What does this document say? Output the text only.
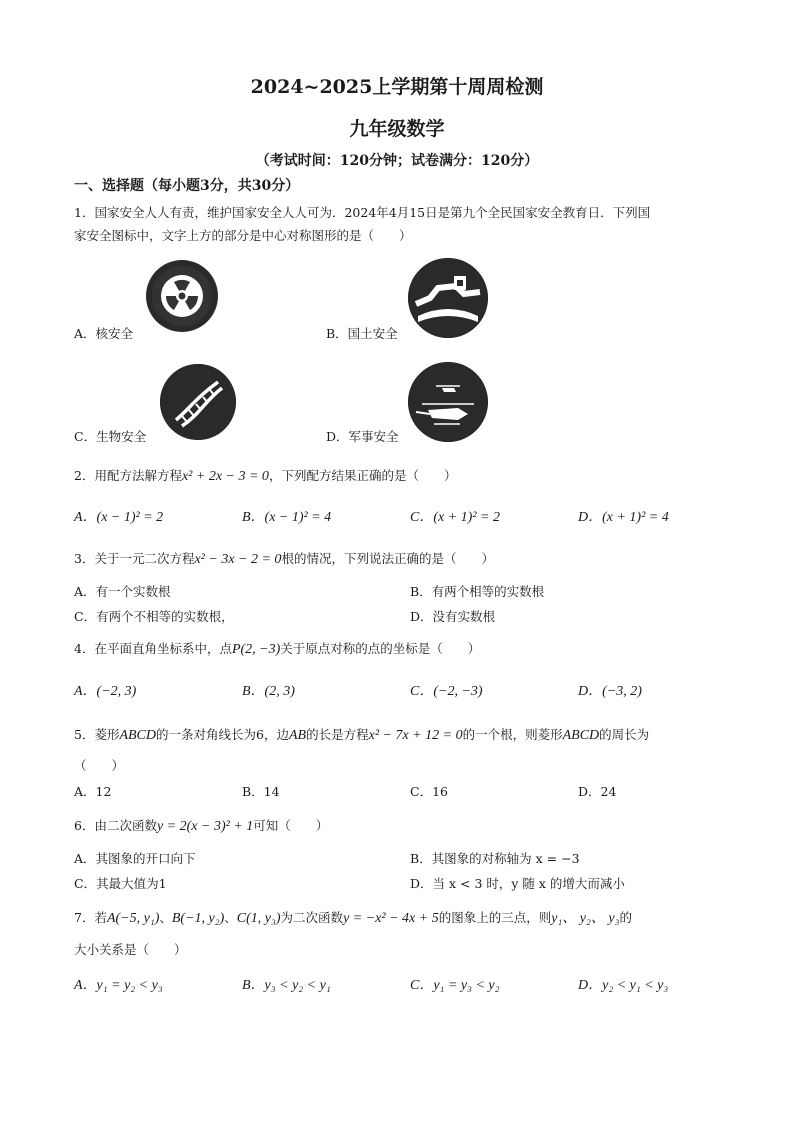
2024~2025上学期第十周周检测
九年级数学
（考试时间：120分钟；试卷满分：120分）
一、选择题（每小题3分，共30分）
1．国家安全人人有责，维护国家安全人人可为．2024年4月15日是第九个全民国家安全教育日．下列国
家安全图标中，文字上方的部分是中心对称图形的是（　　）
A．核安全	B．国土安全
C．生物安全	D．军事安全
2．用配方法解方程x² + 2x − 3 = 0，下列配方结果正确的是（　　）
A．(x − 1)² = 2	B．(x − 1)² = 4	C．(x + 1)² = 2	D．(x + 1)² = 4
3．关于一元二次方程x² − 3x − 2 = 0根的情况，下列说法正确的是（　　）
A．有一个实数根	B．有两个相等的实数根
C．有两个不相等的实数根，	D．没有实数根
4．在平面直角坐标系中，点P(2, −3)关于原点对称的点的坐标是（　　）
A．(−2, 3)	B．(2, 3)	C．(−2, −3)	D．(−3, 2)
5．菱形ABCD的一条对角线长为6，边AB的长是方程x² − 7x + 12 = 0的一个根，则菱形ABCD的周长为
（　　）
A．12	B．14	C．16	D．24
6．由二次函数y = 2(x − 3)² + 1可知（　　）
A．其图象的开口向下	B．其图象的对称轴为 x = −3
C．其最大值为1	D．当 x < 3 时，y 随 x 的增大而减小
7．若A(−5, y₁)、B(−1, y₂)、C(1, y₃)为二次函数y = −x² − 4x + 5的图象上的三点，则y₁、 y₂、 y₃的
大小关系是（　　）
A．y₁ = y₂ < y₃	B．y₃ < y₂ < y₁	C．y₁ = y₃ < y₂	D．y₂ < y₁ < y₃
